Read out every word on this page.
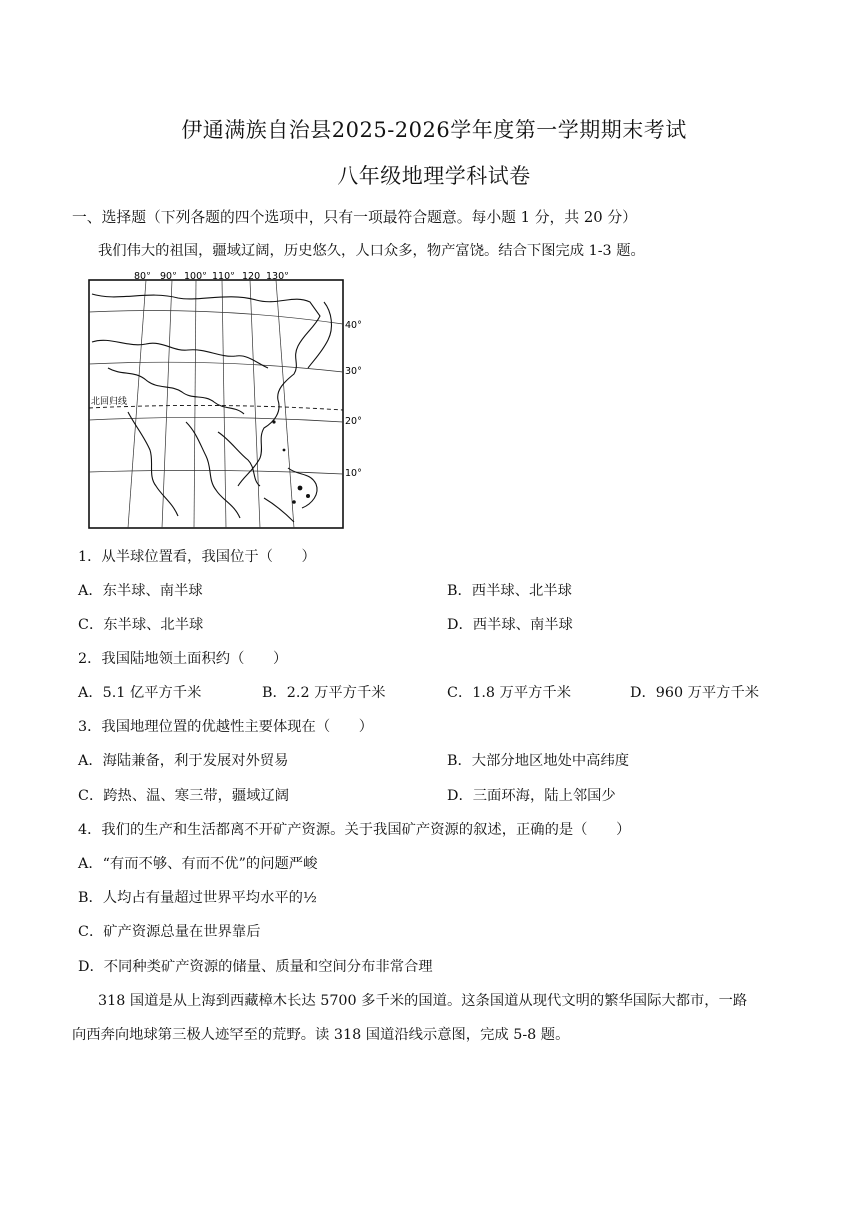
伊通满族自治县2025-2026学年度第一学期期末考试
八年级地理学科试卷
一、选择题（下列各题的四个选项中，只有一项最符合题意。每小题 1 分，共 20 分）
我们伟大的祖国，疆域辽阔，历史悠久，人口众多，物产富饶。结合下图完成 1-3 题。
80° 90° 100° 110° 120 130°
40°
30°
20°
10°
北回归线
1．从半球位置看，我国位于（　　）
A．东半球、南半球	B．西半球、北半球
C．东半球、北半球	D．西半球、南半球
2．我国陆地领土面积约（　　）
A．5.1 亿平方千米	B．2.2 万平方千米	C．1.8 万平方千米	D．960 万平方千米
3．我国地理位置的优越性主要体现在（　　）
A．海陆兼备，利于发展对外贸易	B．大部分地区地处中高纬度
C．跨热、温、寒三带，疆域辽阔	D．三面环海，陆上邻国少
4．我们的生产和生活都离不开矿产资源。关于我国矿产资源的叙述，正确的是（　　）
A．“有而不够、有而不优”的问题严峻
B．人均占有量超过世界平均水平的½
C．矿产资源总量在世界靠后
D．不同种类矿产资源的储量、质量和空间分布非常合理
318 国道是从上海到西藏樟木长达 5700 多千米的国道。这条国道从现代文明的繁华国际大都市，一路
向西奔向地球第三极人迹罕至的荒野。读 318 国道沿线示意图，完成 5-8 题。
